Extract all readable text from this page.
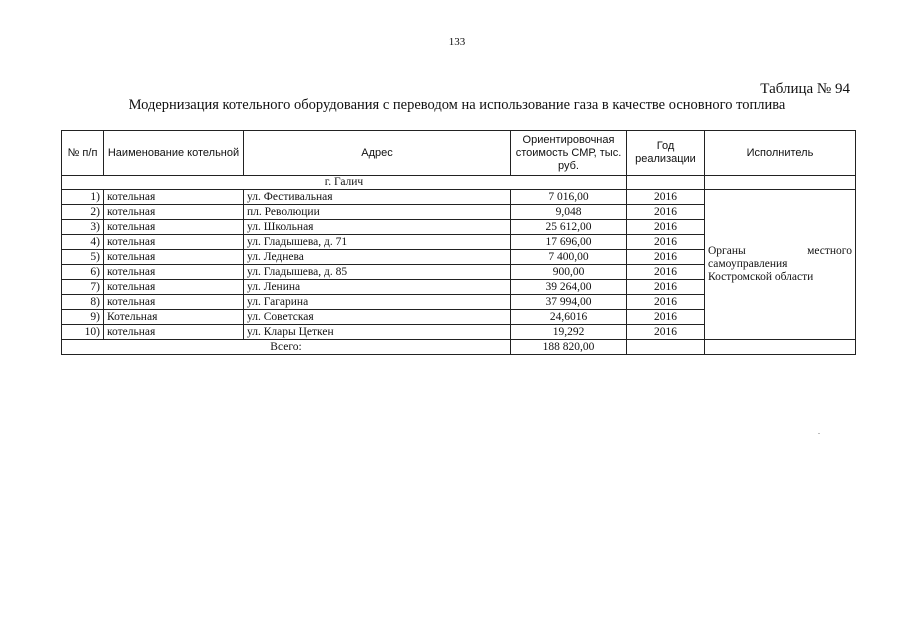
133
Таблица № 94
Модернизация котельного оборудования с переводом на использование газа в качестве основного топлива
№ п/п	Наименование котельной	Адрес	Ориентировочная стоимость СМР, тыс. руб.	Год реализации	Исполнитель
г. Галич					
1)	котельная	ул. Фестивальная	7 016,00	2016	Органы местного
самоуправления
Костромской области

2)	котельная	пл. Революции	9,048	2016	
3)	котельная	ул. Школьная	25 612,00	2016	
4)	котельная	ул. Гладышева, д. 71	17 696,00	2016	
5)	котельная	ул. Леднева	7 400,00	2016	
6)	котельная	ул. Гладышева, д. 85	900,00	2016	
7)	котельная	ул. Ленина	39 264,00	2016	
8)	котельная	ул. Гагарина	37 994,00	2016	
9)	Котельная	ул. Советская	24,6016	2016	
10)	котельная	ул. Клары Цеткен	19,292	2016	
Всего:			188 820,00		
